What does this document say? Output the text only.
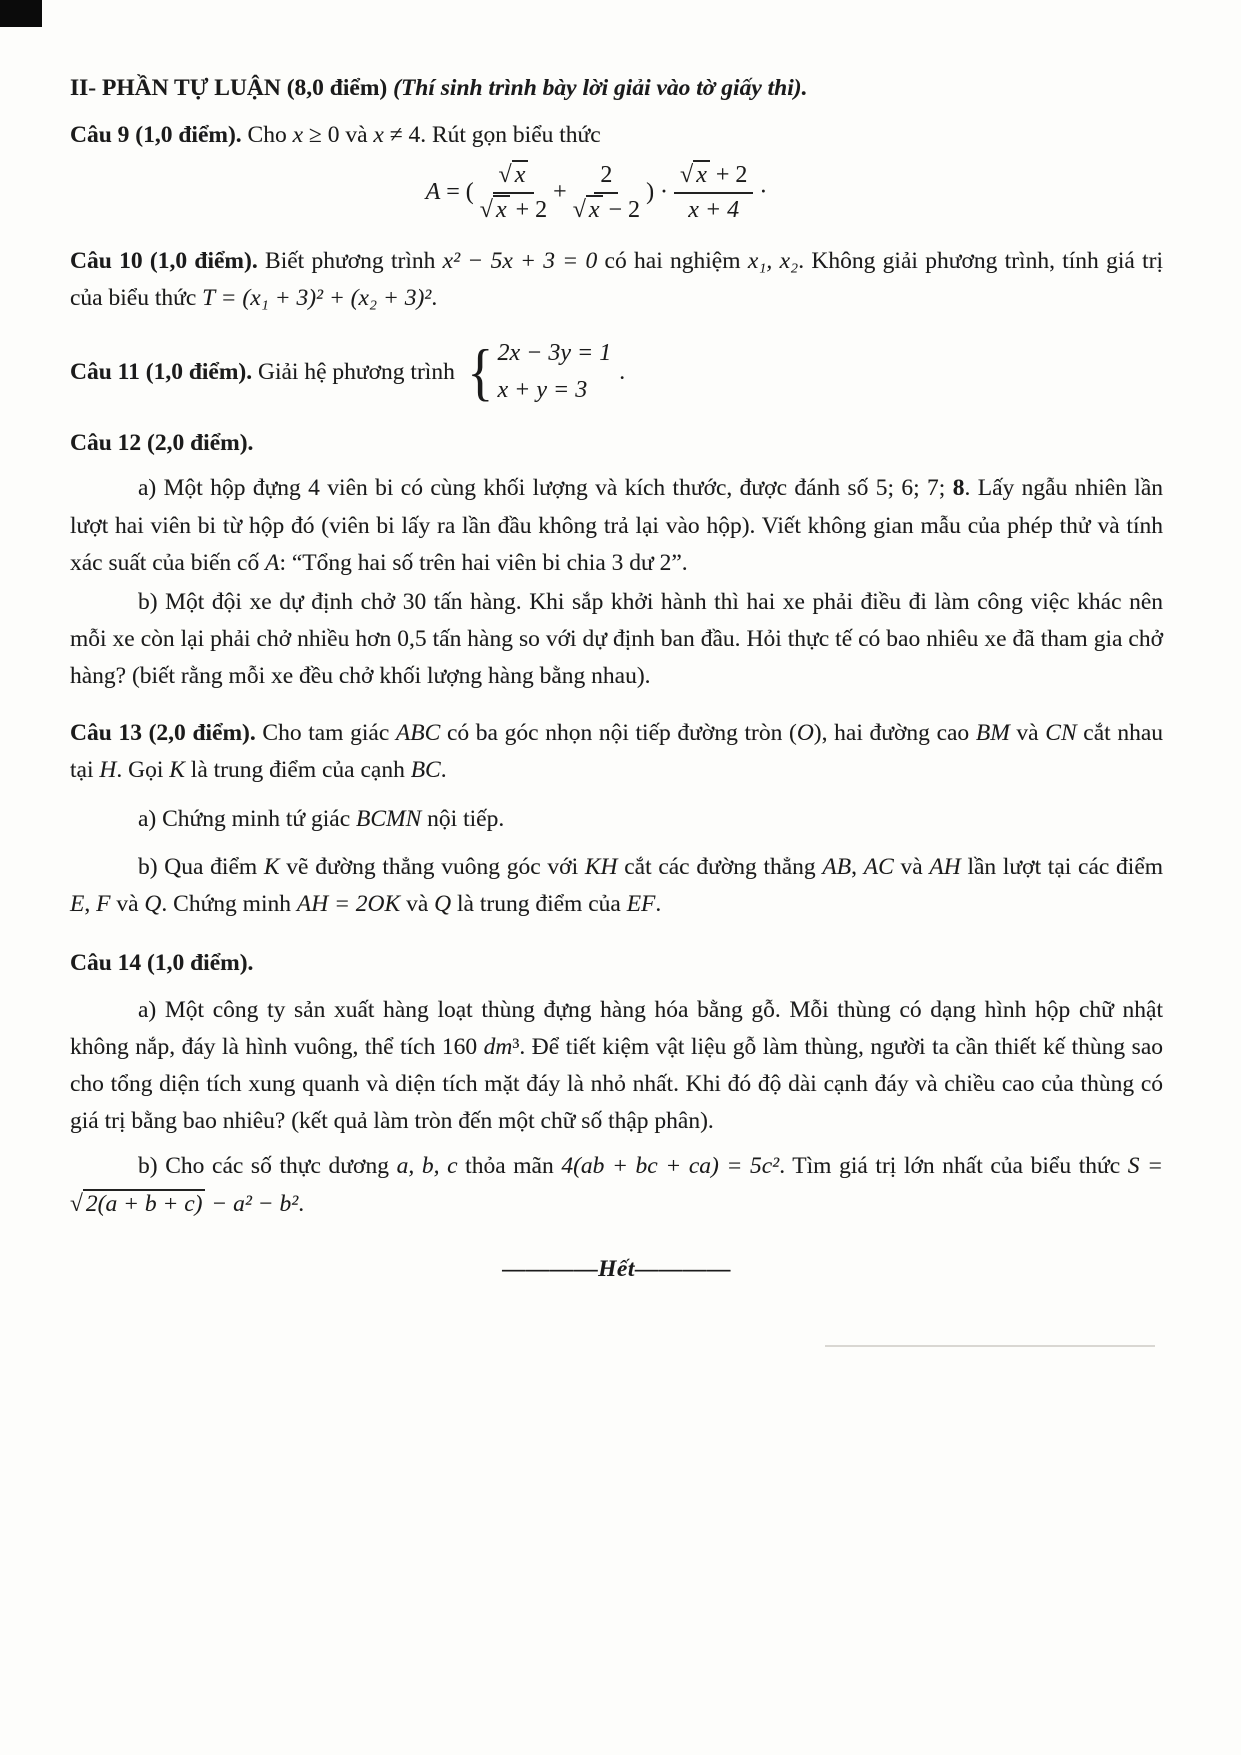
II- PHẦN TỰ LUẬN (8,0 điểm) (Thí sinh trình bày lời giải vào tờ giấy thi).

Câu 9 (1,0 điểm). Cho x ≥ 0 và x ≠ 4. Rút gọn biểu thức

A = ( $\frac{√ x}{√ x + 2} + \frac{2}{√ x - 2}$ ) · $\frac{√ x + 2}{x + 4}$ ·

Câu 10 (1,0 điểm). Biết phương trình x² − 5x + 3 = 0 có hai nghiệm x₁, x₂. Không giải phương trình, tính giá trị của biểu thức T = (x₁ + 3)² + (x₂ + 3)².

Câu 11 (1,0 điểm). Giải hệ phương trình { 2x − 3y = 1
x + y = 3
.

Câu 12 (2,0 điểm).

a) Một hộp đựng 4 viên bi có cùng khối lượng và kích thước, được đánh số 5; 6; 7; 8. Lấy ngẫu nhiên lần lượt hai viên bi từ hộp đó (viên bi lấy ra lần đầu không trả lại vào hộp). Viết không gian mẫu của phép thử và tính xác suất của biến cố A: “Tổng hai số trên hai viên bi chia 3 dư 2”.

b) Một đội xe dự định chở 30 tấn hàng. Khi sắp khởi hành thì hai xe phải điều đi làm công việc khác nên mỗi xe còn lại phải chở nhiều hơn 0,5 tấn hàng so với dự định ban đầu. Hỏi thực tế có bao nhiêu xe đã tham gia chở hàng? (biết rằng mỗi xe đều chở khối lượng hàng bằng nhau).

Câu 13 (2,0 điểm). Cho tam giác ABC có ba góc nhọn nội tiếp đường tròn (O), hai đường cao BM và CN cắt nhau tại H. Gọi K là trung điểm của cạnh BC.

a) Chứng minh tứ giác BCMN nội tiếp.

b) Qua điểm K vẽ đường thẳng vuông góc với KH cắt các đường thẳng AB, AC và AH lần lượt tại các điểm E, F và Q. Chứng minh AH = 2OK và Q là trung điểm của EF.

Câu 14 (1,0 điểm).

a) Một công ty sản xuất hàng loạt thùng đựng hàng hóa bằng gỗ. Mỗi thùng có dạng hình hộp chữ nhật không nắp, đáy là hình vuông, thể tích 160 dm³. Để tiết kiệm vật liệu gỗ làm thùng, người ta cần thiết kế thùng sao cho tổng diện tích xung quanh và diện tích mặt đáy là nhỏ nhất. Khi đó độ dài cạnh đáy và chiều cao của thùng có giá trị bằng bao nhiêu? (kết quả làm tròn đến một chữ số thập phân).

b) Cho các số thực dương a, b, c thỏa mãn 4(ab + bc + ca) = 5c². Tìm giá trị lớn nhất của biểu thức S = √ 2(a + b + c) − a² − b².

————Hết————
